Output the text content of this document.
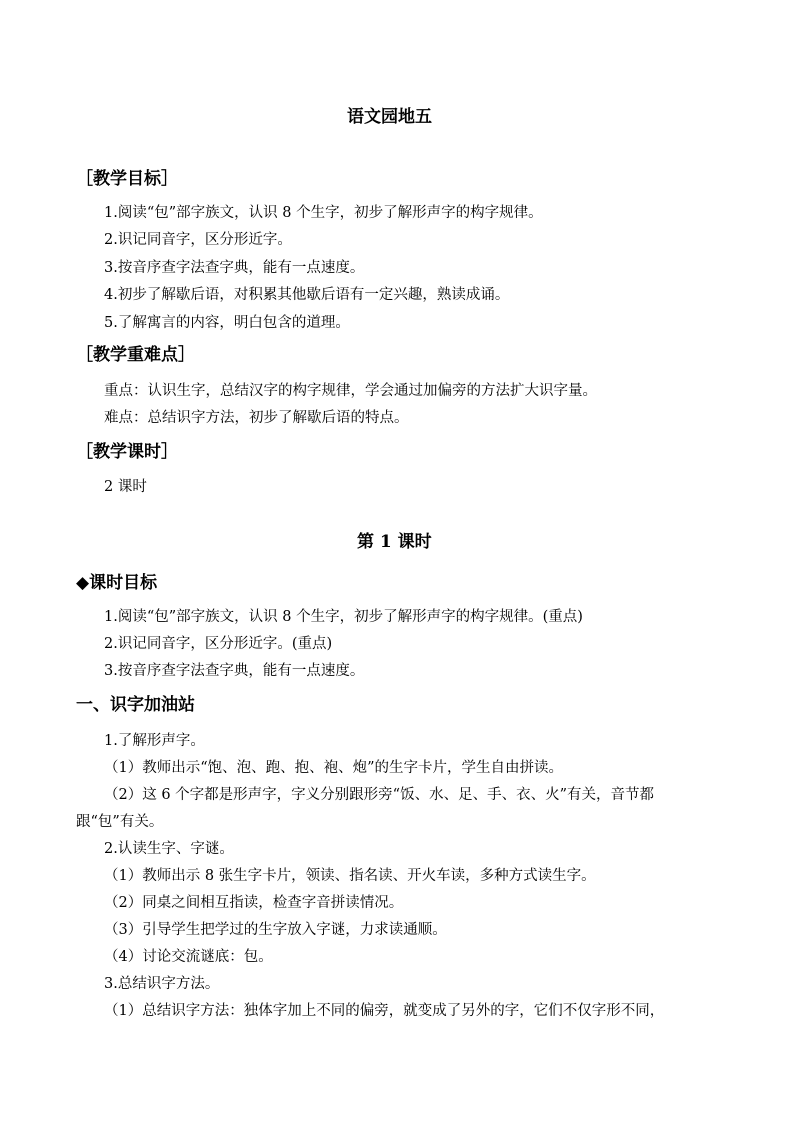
语文园地五
［教学目标］
1.阅读“包”部字族文，认识 8 个生字，初步了解形声字的构字规律。
2.识记同音字，区分形近字。
3.按音序查字法查字典，能有一点速度。
4.初步了解歇后语，对积累其他歇后语有一定兴趣，熟读成诵。
5.了解寓言的内容，明白包含的道理。
［教学重难点］
重点：认识生字，总结汉字的构字规律，学会通过加偏旁的方法扩大识字量。
难点：总结识字方法，初步了解歇后语的特点。
［教学课时］
2 课时
第 1 课时
◆课时目标
1.阅读“包”部字族文，认识 8 个生字，初步了解形声字的构字规律。(重点)
2.识记同音字，区分形近字。(重点)
3.按音序查字法查字典，能有一点速度。
一、识字加油站
1.了解形声字。
（1）教师出示“饱、泡、跑、抱、袍、炮”的生字卡片，学生自由拼读。
（2）这 6 个字都是形声字，字义分别跟形旁“饭、水、足、手、衣、火”有关，音节都
跟“包”有关。
2.认读生字、字谜。
（1）教师出示 8 张生字卡片，领读、指名读、开火车读，多种方式读生字。
（2）同桌之间相互指读，检查字音拼读情况。
（3）引导学生把学过的生字放入字谜，力求读通顺。
（4）讨论交流谜底：包。
3.总结识字方法。
（1）总结识字方法：独体字加上不同的偏旁，就变成了另外的字，它们不仅字形不同，
